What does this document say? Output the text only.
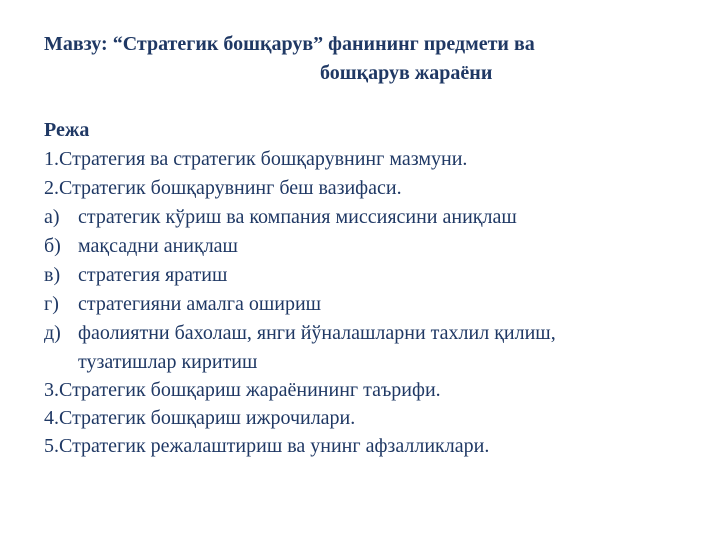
Мавзу: “Стратегик бошқарув” фанининг предмети ва
бошқарув жараёни
Режа
1.Стратегия ва стратегик бошқарувнинг мазмуни.
2.Стратегик бошқарувнинг беш вазифаси.
а) стратегик кўриш ва компания миссиясини аниқлаш
б) мақсадни аниқлаш
в) стратегия яратиш
г) стратегияни амалга ошириш
д) фаолиятни бахолаш, янги йўналашларни тахлил қилиш,
тузатишлар киритиш
3.Стратегик бошқариш жараёнининг таърифи.
4.Стратегик бошқариш ижрочилари.
5.Стратегик режалаштириш ва унинг афзалликлари.
